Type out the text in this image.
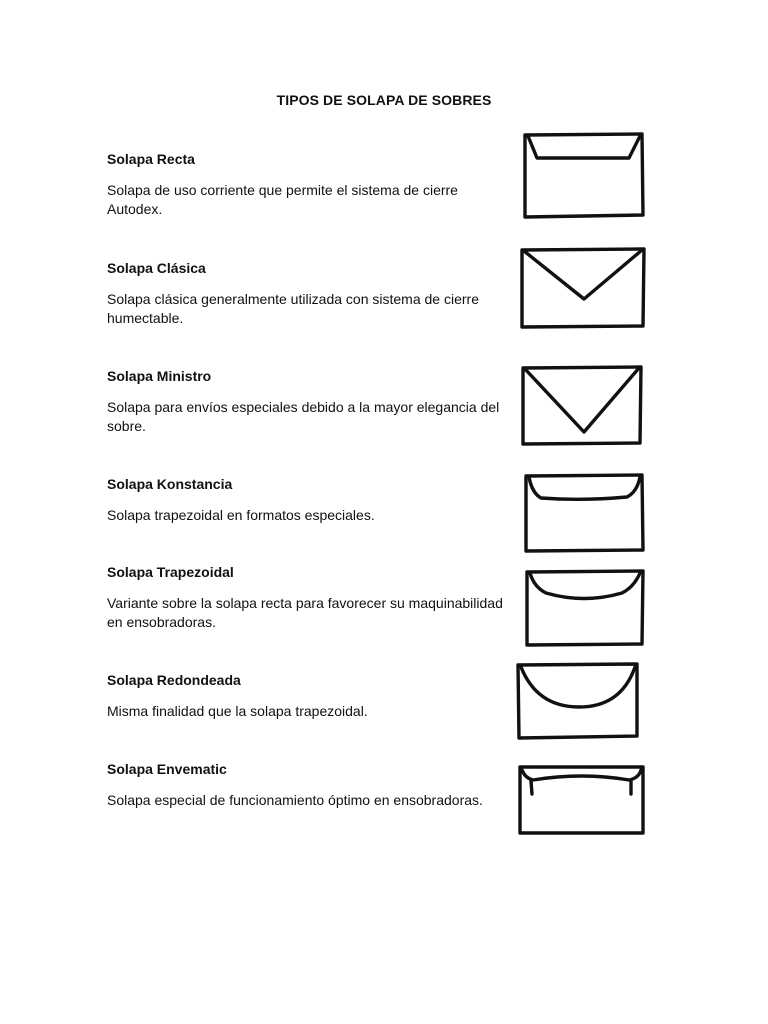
TIPOS DE SOLAPA DE SOBRES

Solapa Recta

Solapa de uso corriente que permite el sistema de cierre Autodex.

Solapa Clásica

Solapa clásica generalmente utilizada con sistema de cierre humectable.

Solapa Ministro

Solapa para envíos especiales debido a la mayor elegancia del sobre.

Solapa Konstancia

Solapa trapezoidal en formatos especiales.

Solapa Trapezoidal

Variante sobre la solapa recta para favorecer su maquinabilidad en ensobradoras.

Solapa Redondeada

Misma finalidad que la solapa trapezoidal.

Solapa Envematic

Solapa especial de funcionamiento óptimo en ensobradoras.
